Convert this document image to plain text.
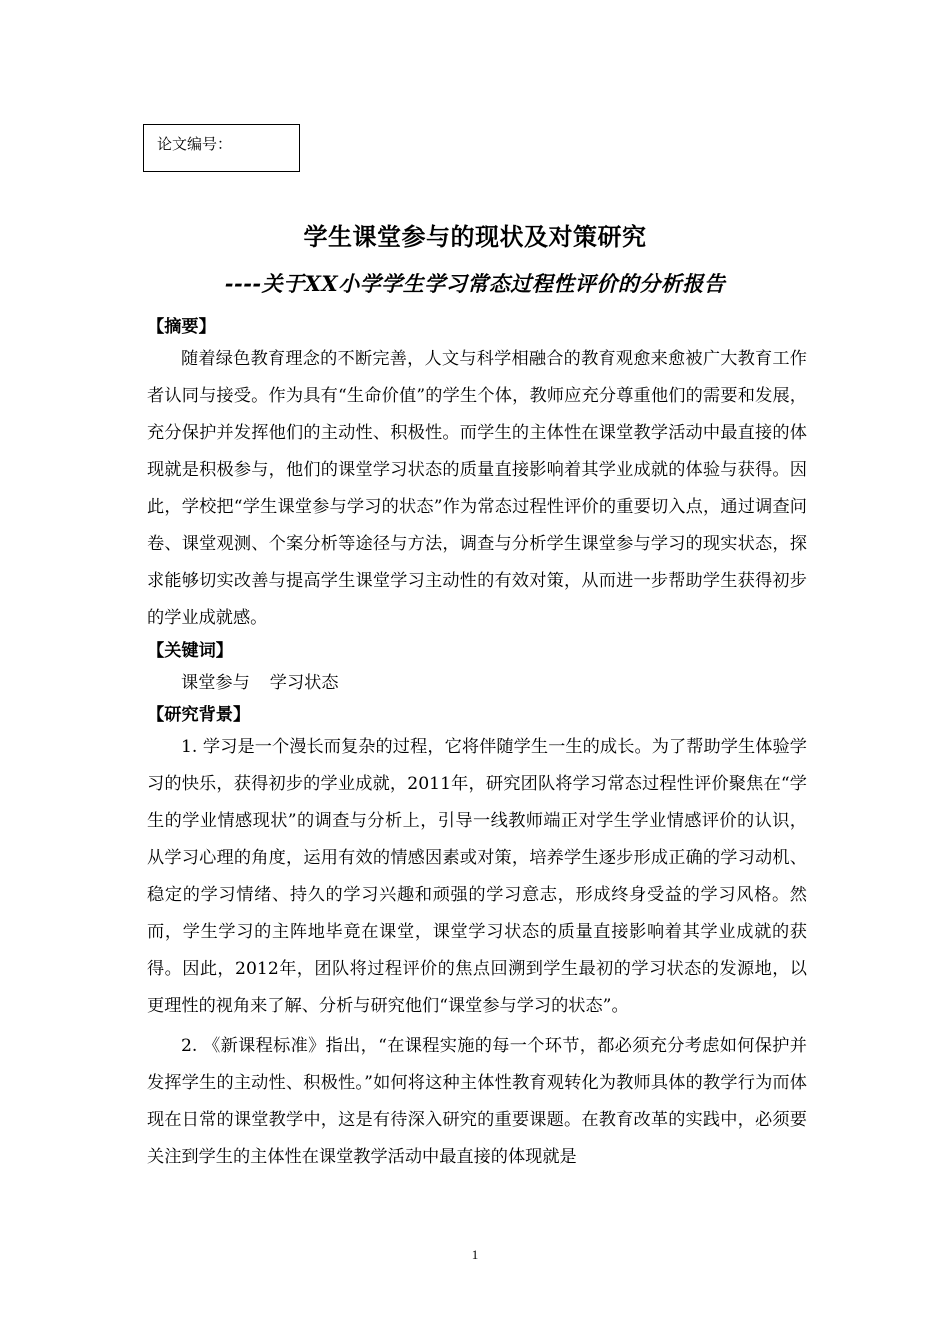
论文编号：
学生课堂参与的现状及对策研究
----关于XX小学学生学习常态过程性评价的分析报告

【摘要】

随着绿色教育理念的不断完善，人文与科学相融合的教育观愈来愈被广大教育工作者认同与接受。作为具有“生命价值”的学生个体，教师应充分尊重他们的需要和发展，充分保护并发挥他们的主动性、积极性。而学生的主体性在课堂教学活动中最直接的体现就是积极参与，他们的课堂学习状态的质量直接影响着其学业成就的体验与获得。因此，学校把“学生课堂参与学习的状态”作为常态过程性评价的重要切入点，通过调查问卷、课堂观测、个案分析等途径与方法，调查与分析学生课堂参与学习的现实状态，探求能够切实改善与提高学生课堂学习主动性的有效对策，从而进一步帮助学生获得初步的学业成就感。

【关键词】

课堂参与 学习状态

【研究背景】

1. 学习是一个漫长而复杂的过程，它将伴随学生一生的成长。为了帮助学生体验学习的快乐，获得初步的学业成就，2011年，研究团队将学习常态过程性评价聚焦在“学生的学业情感现状”的调查与分析上，引导一线教师端正对学生学业情感评价的认识，从学习心理的角度，运用有效的情感因素或对策，培养学生逐步形成正确的学习动机、稳定的学习情绪、持久的学习兴趣和顽强的学习意志，形成终身受益的学习风格。然而，学生学习的主阵地毕竟在课堂，课堂学习状态的质量直接影响着其学业成就的获得。因此，2012年，团队将过程评价的焦点回溯到学生最初的学习状态的发源地，以更理性的视角来了解、分析与研究他们“课堂参与学习的状态”。

2. 《新课程标准》指出，“在课程实施的每一个环节，都必须充分考虑如何保护并发挥学生的主动性、积极性。”如何将这种主体性教育观转化为教师具体的教学行为而体现在日常的课堂教学中，这是有待深入研究的重要课题。在教育改革的实践中，必须要关注到学生的主体性在课堂教学活动中最直接的体现就是

1
